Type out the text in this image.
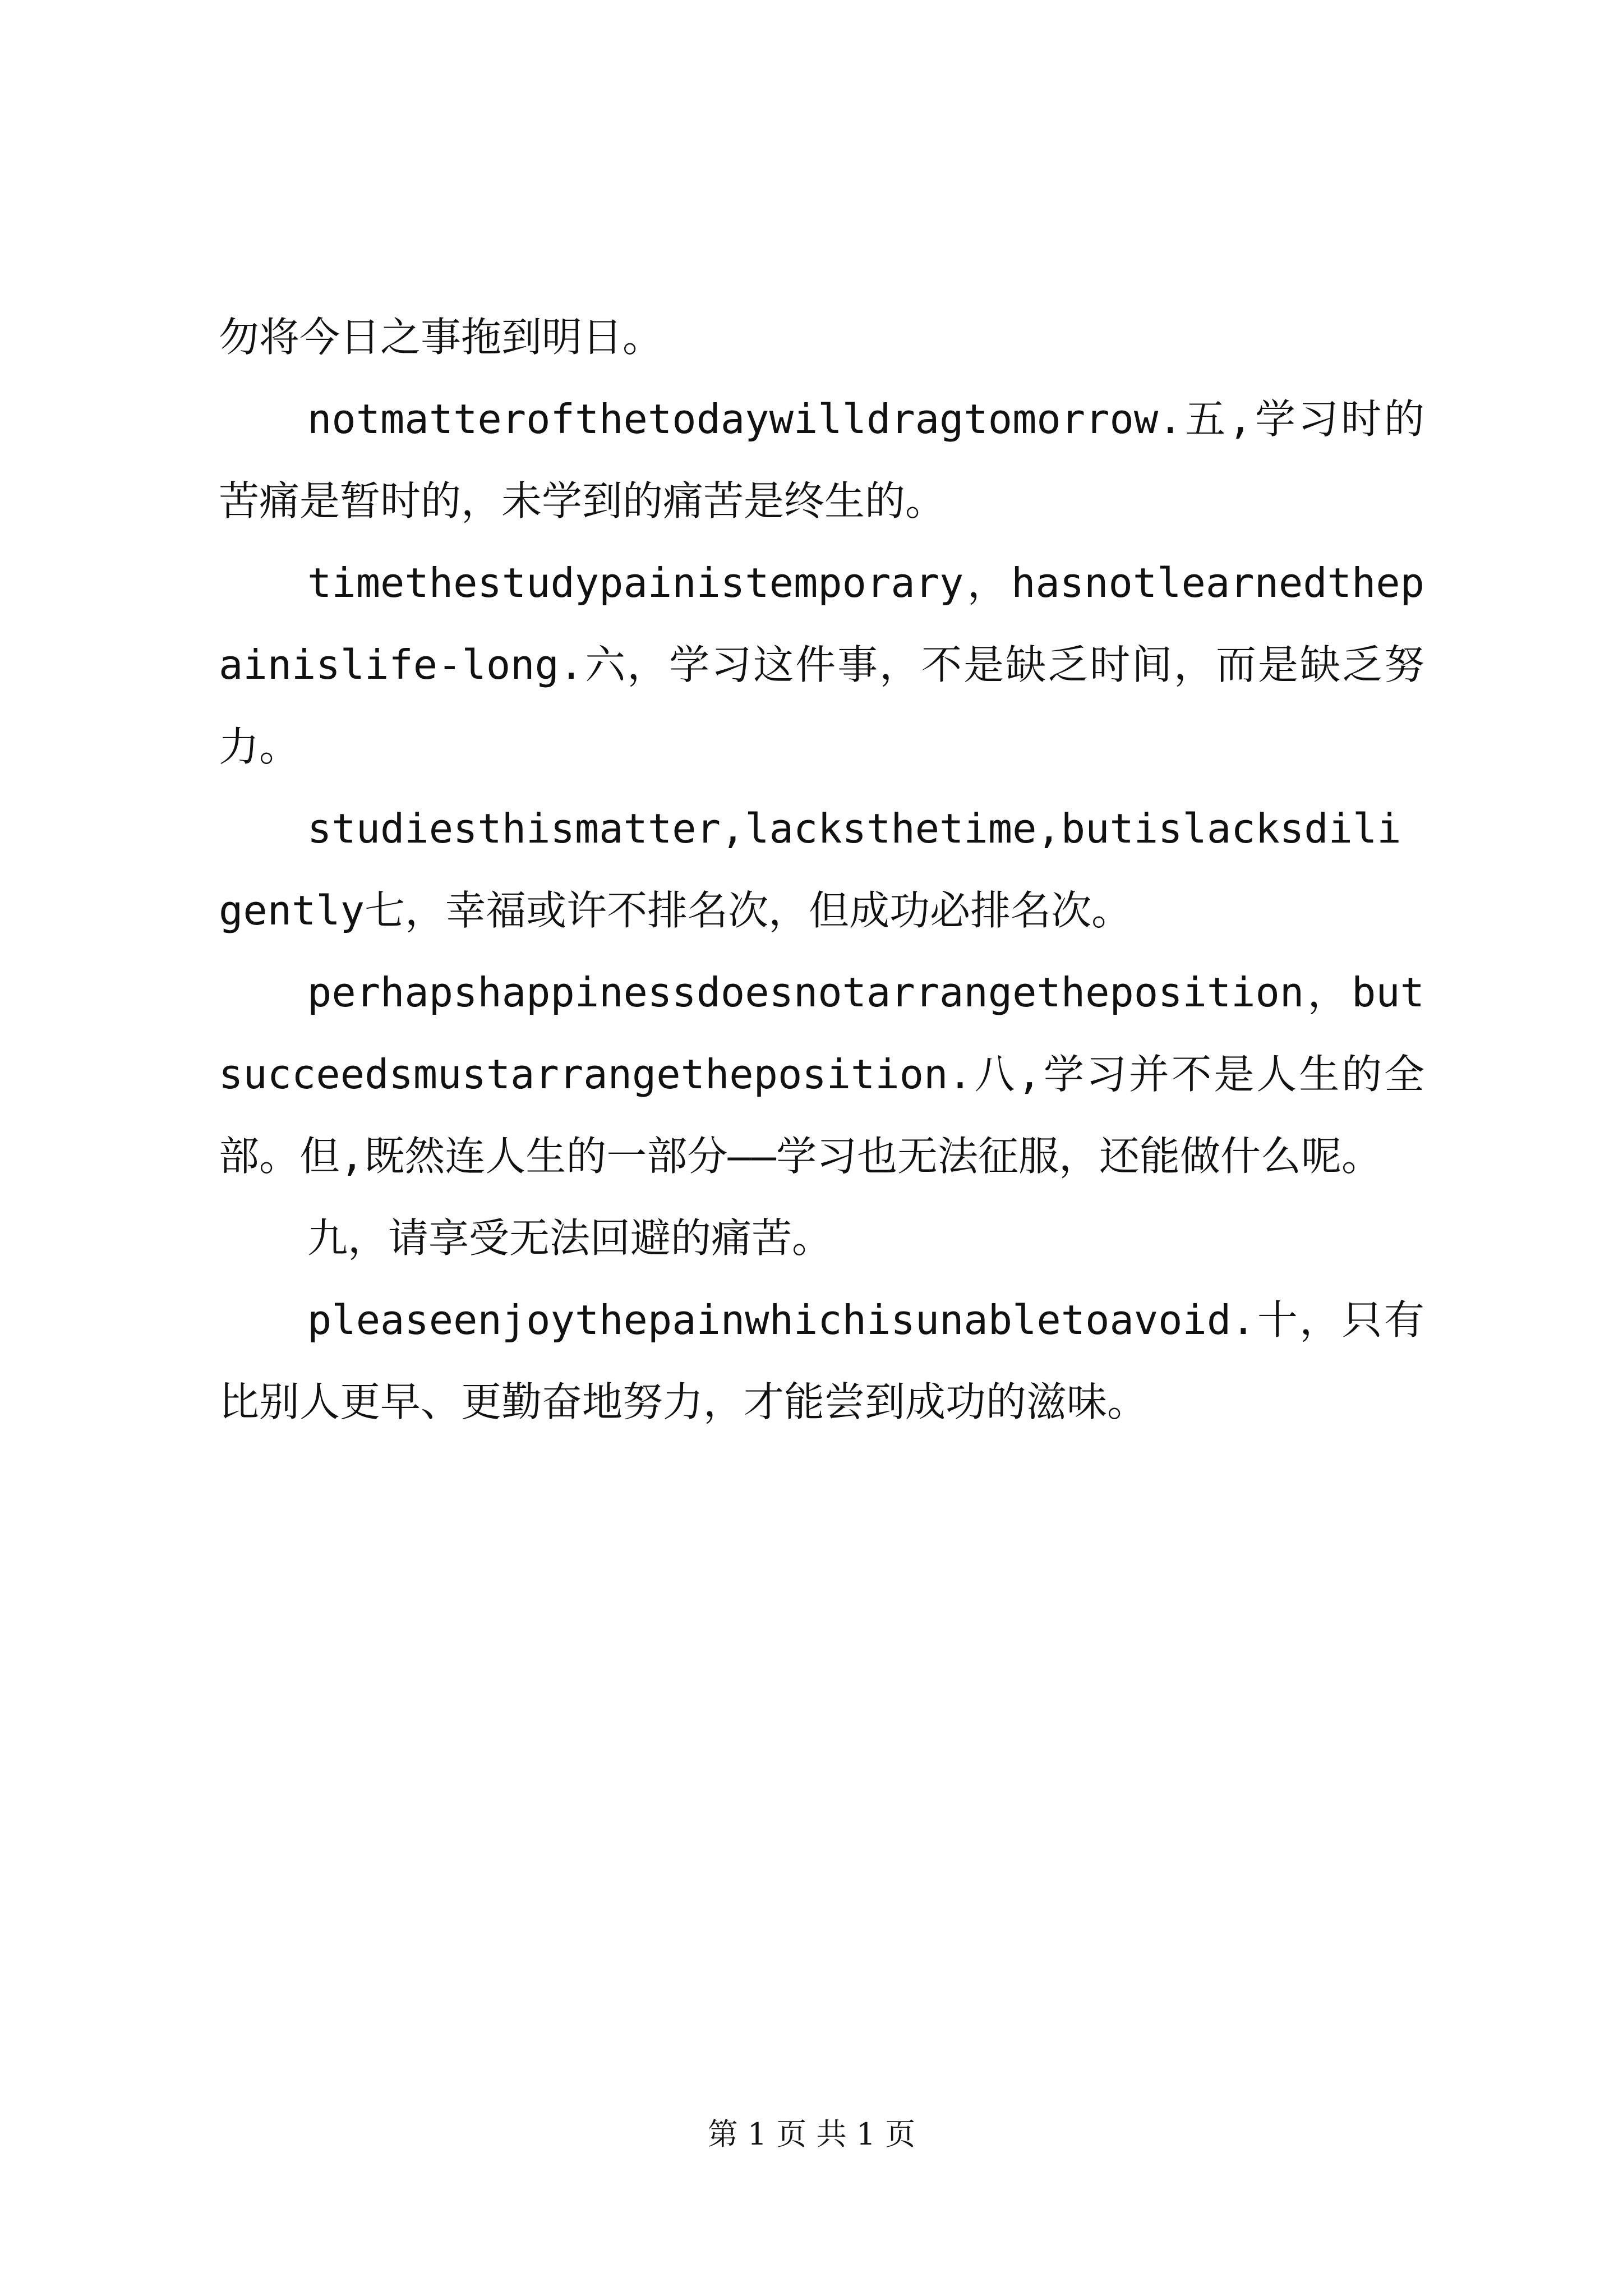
勿将今日之事拖到明日。

notmatterofthetodaywilldragtomorrow.五,学习时的苦痛是暂时的，未学到的痛苦是终生的。

timethestudypainistemporary，hasnotlearnedthepainislife-long.六，学习这件事，不是缺乏时间，而是缺乏努力。

studiesthismatter,lacksthetime,butislacksdiligently七，幸福或许不排名次，但成功必排名次。

perhapshappinessdoesnotarrangetheposition，butsucceedsmustarrangetheposition.八,学习并不是人生的全部。但,既然连人生的一部分——学习也无法征服，还能做什么呢。

九，请享受无法回避的痛苦。

pleaseenjoythepainwhichisunabletoavoid.十，只有比别人更早、更勤奋地努力，才能尝到成功的滋味。

第 1 页 共 1 页
